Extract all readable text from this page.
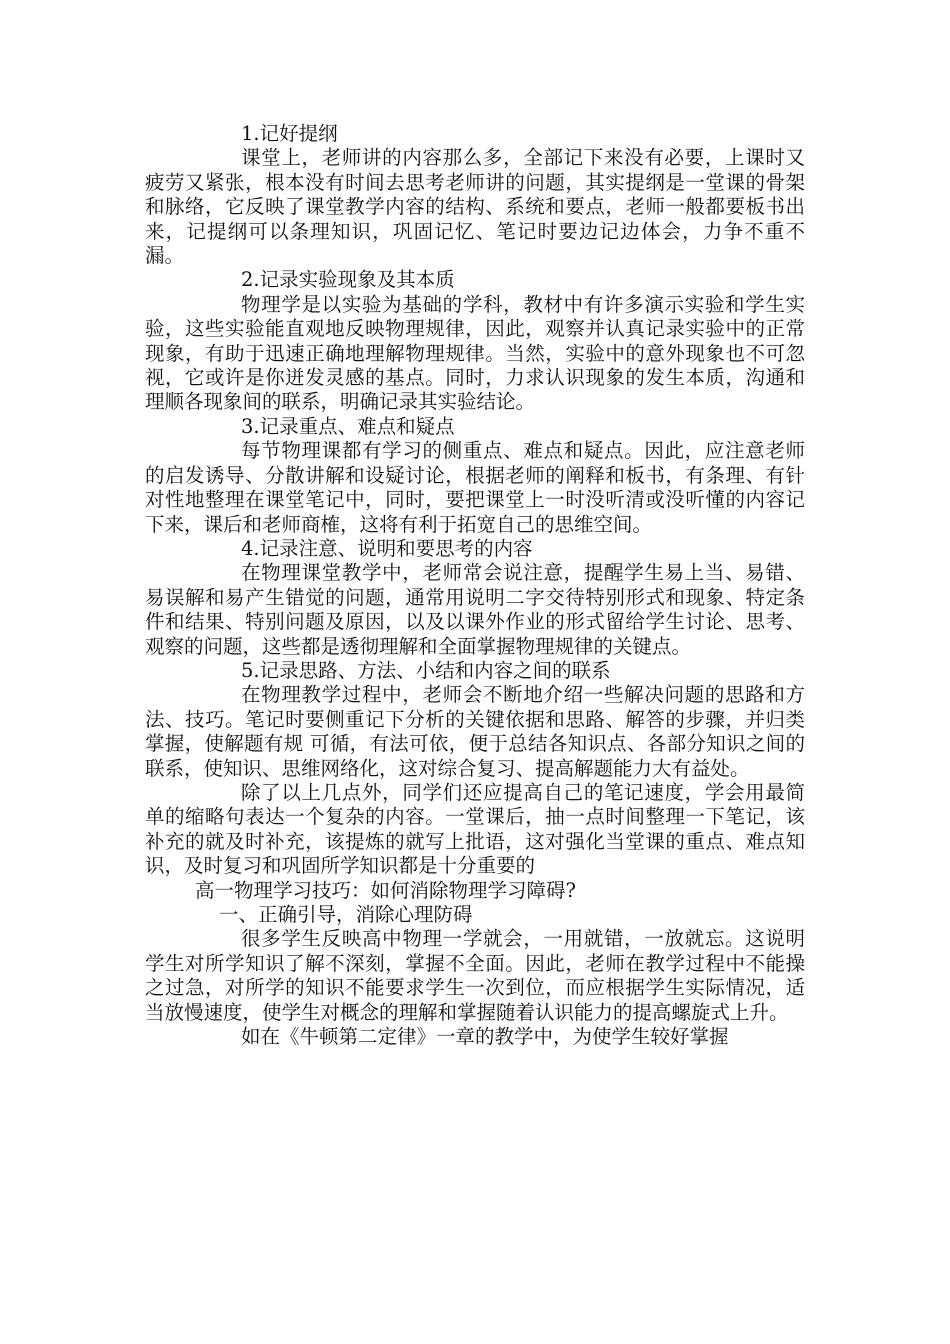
1.记好提纲

课堂上，老师讲的内容那么多，全部记下来没有必要，上课时又疲劳又紧张，根本没有时间去思考老师讲的问题，其实提纲是一堂课的骨架和脉络，它反映了课堂教学内容的结构、系统和要点，老师一般都要板书出来，记提纲可以条理知识，巩固记忆、笔记时要边记边体会，力争不重不漏。

2.记录实验现象及其本质

物理学是以实验为基础的学科，教材中有许多演示实验和学生实验，这些实验能直观地反映物理规律，因此，观察并认真记录实验中的正常现象，有助于迅速正确地理解物理规律。当然，实验中的意外现象也不可忽视，它或许是你迸发灵感的基点。同时，力求认识现象的发生本质，沟通和理顺各现象间的联系，明确记录其实验结论。

3.记录重点、难点和疑点

每节物理课都有学习的侧重点、难点和疑点。因此，应注意老师的启发诱导、分散讲解和设疑讨论，根据老师的阐释和板书，有条理、有针对性地整理在课堂笔记中，同时，要把课堂上一时没听清或没听懂的内容记下来，课后和老师商榷，这将有利于拓宽自己的思维空间。

4.记录注意、说明和要思考的内容

在物理课堂教学中，老师常会说注意，提醒学生易上当、易错、易误解和易产生错觉的问题，通常用说明二字交待特别形式和现象、特定条件和结果、特别问题及原因，以及以课外作业的形式留给学生讨论、思考、观察的问题，这些都是透彻理解和全面掌握物理规律的关键点。

5.记录思路、方法、小结和内容之间的联系

在物理教学过程中，老师会不断地介绍一些解决问题的思路和方法、技巧。笔记时要侧重记下分析的关键依据和思路、解答的步骤，并归类掌握，使解题有规 可循，有法可依，便于总结各知识点、各部分知识之间的联系，使知识、思维网络化，这对综合复习、提高解题能力大有益处。

除了以上几点外，同学们还应提高自己的笔记速度，学会用最简单的缩略句表达一个复杂的内容。一堂课后，抽一点时间整理一下笔记，该补充的就及时补充，该提炼的就写上批语，这对强化当堂课的重点、难点知识，及时复习和巩固所学知识都是十分重要的

高一物理学习技巧：如何消除物理学习障碍?

一、正确引导，消除心理防碍

很多学生反映高中物理一学就会，一用就错，一放就忘。这说明学生对所学知识了解不深刻，掌握不全面。因此，老师在教学过程中不能操之过急，对所学的知识不能要求学生一次到位，而应根据学生实际情况，适当放慢速度，使学生对概念的理解和掌握随着认识能力的提高螺旋式上升。

如在《牛顿第二定律》一章的教学中，为使学生较好掌握
